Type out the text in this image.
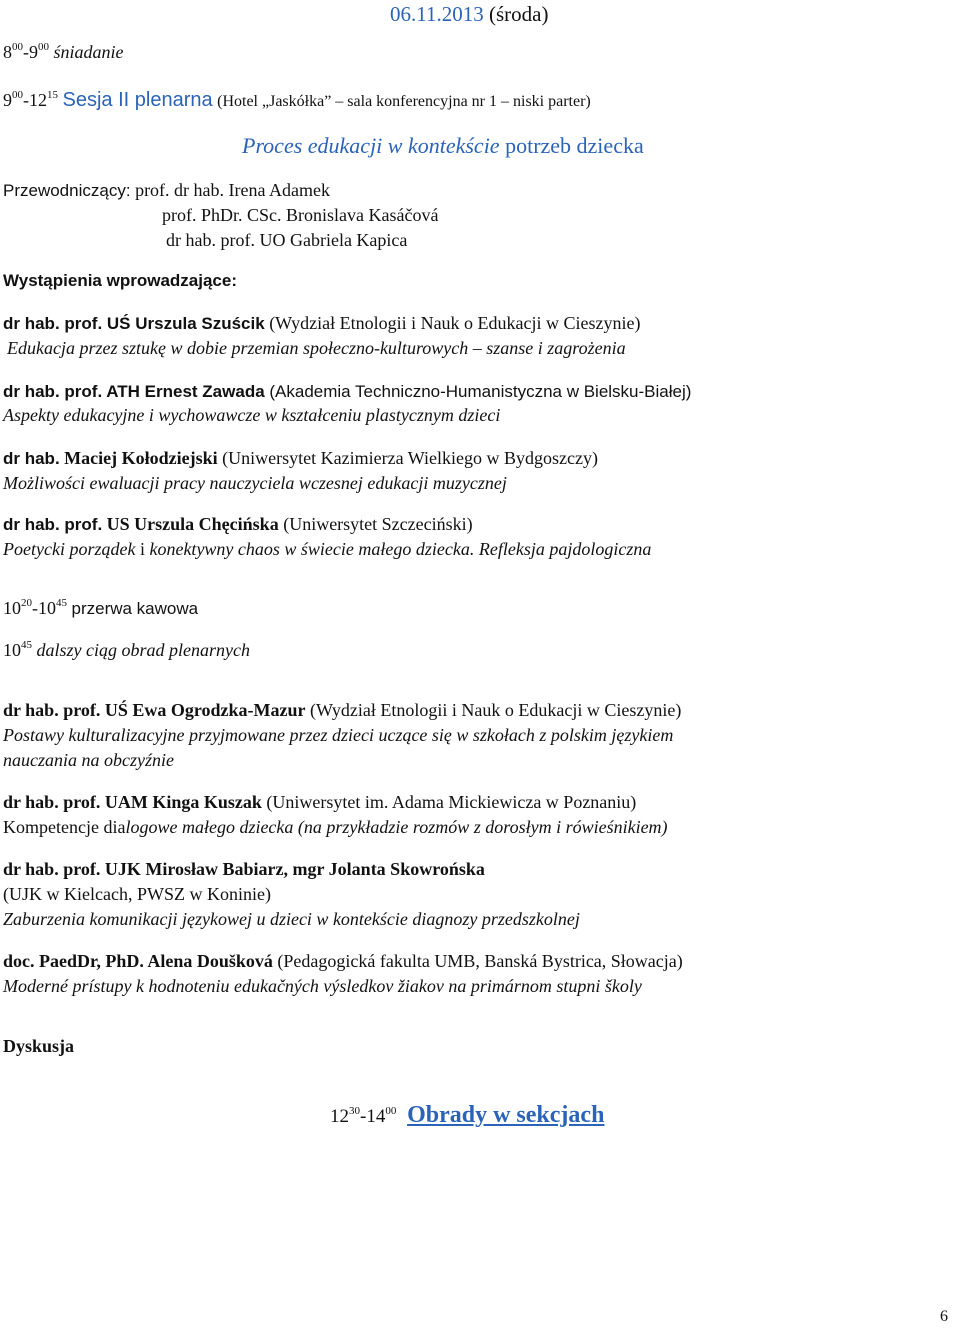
06.11.2013 (środa)
$8^{00}-9^{00}$ śniadanie
$9^{00}-12^{15}$ Sesja II plenarna (Hotel „Jaskółka” – sala konferencyjna nr 1 – niski parter)
Proces edukacji w kontekście potrzeb dziecka
Przewodniczący: prof. dr hab. Irena Adamek
prof. PhDr. CSc. Bronislava Kasáčová
dr hab. prof. UO Gabriela Kapica
Wystąpienia wprowadzające:
dr hab. prof. UŚ Urszula Szuścik (Wydział Etnologii i Nauk o Edukacji w Cieszynie)
Edukacja przez sztukę w dobie przemian społeczno-kulturowych – szanse i zagrożenia
dr hab. prof. ATH Ernest Zawada (Akademia Techniczno-Humanistyczna w Bielsku-Białej)
Aspekty edukacyjne i wychowawcze w kształceniu plastycznym dzieci
dr hab. Maciej Kołodziejski (Uniwersytet Kazimierza Wielkiego w Bydgoszczy)
Możliwości ewaluacji pracy nauczyciela wczesnej edukacji muzycznej
dr hab. prof. US Urszula Chęcińska (Uniwersytet Szczeciński)
Poetycki porządek i konektywny chaos w świecie małego dziecka. Refleksja pajdologiczna
$10^{20}-10^{45}$ przerwa kawowa
$10^{45}$ dalszy ciąg obrad plenarnych
dr hab. prof. UŚ Ewa Ogrodzka-Mazur (Wydział Etnologii i Nauk o Edukacji w Cieszynie)
Postawy kulturalizacyjne przyjmowane przez dzieci uczące się w szkołach z polskim językiem
nauczania na obczyźnie
dr hab. prof. UAM Kinga Kuszak (Uniwersytet im. Adama Mickiewicza w Poznaniu)
Kompetencje dialogowe małego dziecka (na przykładzie rozmów z dorosłym i rówieśnikiem)
dr hab. prof. UJK Mirosław Babiarz, mgr Jolanta Skowrońska
(UJK w Kielcach, PWSZ w Koninie)
Zaburzenia komunikacji językowej u dzieci w kontekście diagnozy przedszkolnej
doc. PaedDr, PhD. Alena Doušková (Pedagogická fakulta UMB, Banská Bystrica, Słowacja)
Moderné prístupy k hodnoteniu edukačných výsledkov žiakov na primárnom stupni školy
Dyskusja
$12^{30}-14^{00}$ Obrady w sekcjach
6
